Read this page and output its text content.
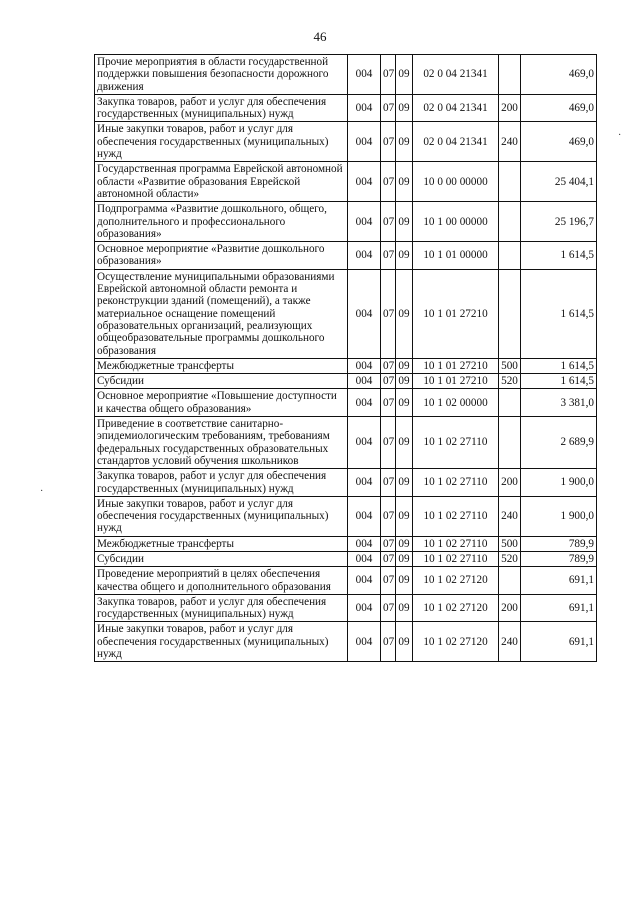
46
Прочие мероприятия в области государственной поддержки повышения безопасности дорожного движения	004	07	09	02 0 04 21341		469,0
Закупка товаров, работ и услуг для обеспечения государственных (муниципальных) нужд	004	07	09	02 0 04 21341	200	469,0
Иные закупки товаров, работ и услуг для обеспечения государственных (муниципальных) нужд	004	07	09	02 0 04 21341	240	469,0
Государственная программа Еврейской автономной области «Развитие образования Еврейской автономной области»	004	07	09	10 0 00 00000		25 404,1
Подпрограмма «Развитие дошкольного, общего, дополнительного и профессионального образования»	004	07	09	10 1 00 00000		25 196,7
Основное мероприятие «Развитие дошкольного образования»	004	07	09	10 1 01 00000		1 614,5
Осуществление муниципальными образованиями Еврейской автономной области ремонта и реконструкции зданий (помещений), а также материальное оснащение помещений образовательных организаций, реализующих общеобразовательные программы дошкольного образования	004	07	09	10 1 01 27210		1 614,5
Межбюджетные трансферты	004	07	09	10 1 01 27210	500	1 614,5
Субсидии	004	07	09	10 1 01 27210	520	1 614,5
Основное мероприятие «Повышение доступности и качества общего образования»	004	07	09	10 1 02 00000		3 381,0
Приведение в соответствие санитарно-эпидемиологическим требованиям, требованиям федеральных государственных образовательных стандартов условий обучения школьников	004	07	09	10 1 02 27110		2 689,9
Закупка товаров, работ и услуг для обеспечения государственных (муниципальных) нужд	004	07	09	10 1 02 27110	200	1 900,0
Иные закупки товаров, работ и услуг для обеспечения государственных (муниципальных) нужд	004	07	09	10 1 02 27110	240	1 900,0
Межбюджетные трансферты	004	07	09	10 1 02 27110	500	789,9
Субсидии	004	07	09	10 1 02 27110	520	789,9
Проведение мероприятий в целях обеспечения качества общего и дополнительного образования	004	07	09	10 1 02 27120		691,1
Закупка товаров, работ и услуг для обеспечения государственных (муниципальных) нужд	004	07	09	10 1 02 27120	200	691,1
Иные закупки товаров, работ и услуг для обеспечения государственных (муниципальных) нужд	004	07	09	10 1 02 27120	240	691,1
·
·
